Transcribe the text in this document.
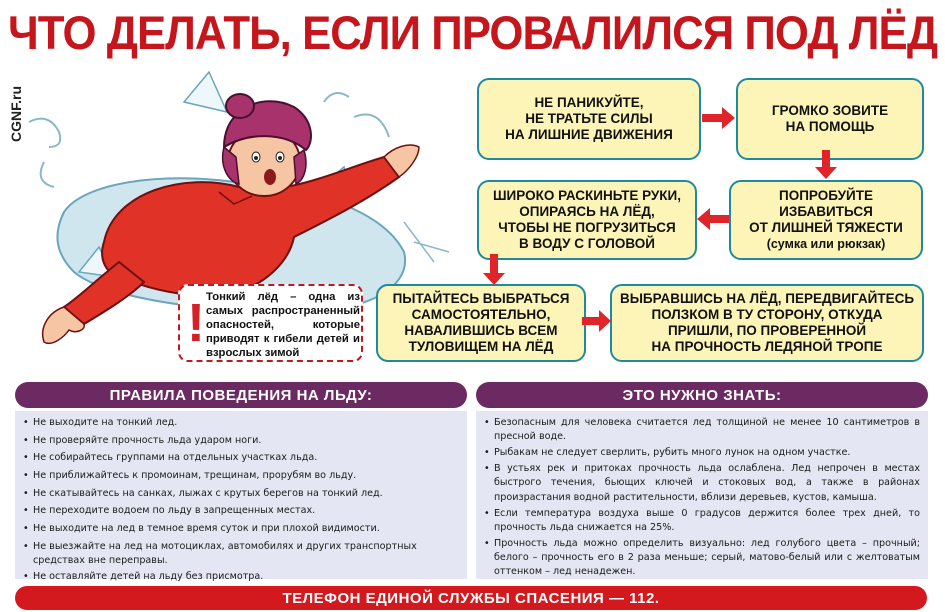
ЧТО ДЕЛАТЬ, ЕСЛИ ПРОВАЛИЛСЯ ПОД ЛЁД
CGNF.ru
! Тонкий лёд – одна из самых распространенный опасностей, которые приводят к гибели детей и взрослых зимой
НЕ ПАНИКУЙТЕ,
НЕ ТРАТЬТЕ СИЛЫ
НА ЛИШНИЕ ДВИЖЕНИЯ
ГРОМКО ЗОВИТЕ
НА ПОМОЩЬ
ПОПРОБУЙТЕ
ИЗБАВИТЬСЯ
ОТ ЛИШНЕЙ ТЯЖЕСТИ
(сумка или рюкзак)
ШИРОКО РАСКИНЬТЕ РУКИ,
ОПИРАЯСЬ НА ЛЁД,
ЧТОБЫ НЕ ПОГРУЗИТЬСЯ
В ВОДУ С ГОЛОВОЙ
ПЫТАЙТЕСЬ ВЫБРАТЬСЯ
САМОСТОЯТЕЛЬНО,
НАВАЛИВШИСЬ ВСЕМ
ТУЛОВИЩЕМ НА ЛЁД
ВЫБРАВШИСЬ НА ЛЁД, ПЕРЕДВИГАЙТЕСЬ
ПОЛЗКОМ В ТУ СТОРОНУ, ОТКУДА
ПРИШЛИ, ПО ПРОВЕРЕННОЙ
НА ПРОЧНОСТЬ ЛЕДЯНОЙ ТРОПЕ
ПРАВИЛА ПОВЕДЕНИЯ НА ЛЬДУ:	ЭТО НУЖНО ЗНАТЬ:
• Не выходите на тонкий лед.
• Не проверяйте прочность льда ударом ноги.
• Не собирайтесь группами на отдельных участках льда.
• Не приближайтесь к промоинам, трещинам, прорубям во льду.
• Не скатывайтесь на санках, лыжах с крутых берегов на тонкий лед.
• Не переходите водоем по льду в запрещенных местах.
• Не выходите на лед в темное время суток и при плохой видимости.
• Не выезжайте на лед на мотоциклах, автомобилях и других транспортных средствах вне переправы.
• Не оставляйте детей на льду без присмотра.
• Безопасным для человека считается лед толщиной не менее 10 сантиметров в пресной воде.
• Рыбакам не следует сверлить, рубить много лунок на одном участке.
• В устьях рек и притоках прочность льда ослаблена. Лед непрочен в местах быстрого течения, бьющих ключей и стоковых вод, а также в районах произрастания водной растительности, вблизи деревьев, кустов, камыша.
• Если температура воздуха выше 0 градусов держится более трех дней, то прочность льда снижается на 25%.
• Прочность льда можно определить визуально: лед голубого цвета – прочный; белого – прочность его в 2 раза меньше; серый, матово-белый или с желтоватым оттенком – лед ненадежен.
ТЕЛЕФОН ЕДИНОЙ СЛУЖБЫ СПАСЕНИЯ — 112.
